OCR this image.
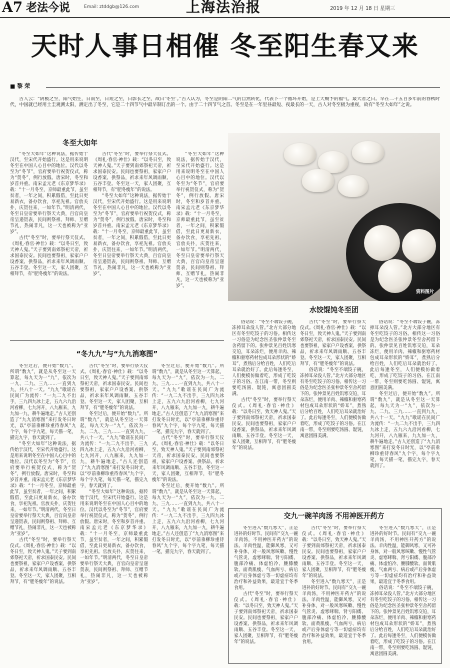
A7 老法今说	Email: ztddgb@126.com	上海法治报	2019 年 12 月 18 日 星期三
天时人事日相催 冬至阳生春又来
■ 黎 荣
古人云：“阴极之至，阳气始生，日南至，日短之至，日影长之至，故曰‘冬至’。”古人认为，冬至是阴阳二气的自然转化，代表下一个循环开始，是上天赐予的福气。最大者之日。早在二千五百多年前的春秋时代，中国就已经用土圭观测太阳，测定出了冬至，它是二十四节气中最早制订出的一个。由于二十四节气之首。冬至是在一年里昼最短、夜最长的一天，古人对冬至极为重视，故有“冬至大如年”之说。
冬至大如年

“冬至大如年”这种说法，据传始于汉代，至宋代开始盛行。这是用来说明冬至在中国人心目中的地位。汉代以冬至为“冬节”，官府要举行祝贺仪式，称为“贺冬”，例行放假。唐宋时，冬至和岁首并重。南宋孟元老《东京梦华录》载：“十一月冬至，京师最重此节，虽至贫者，一年之间，积累假借，至此日更易新衣，备办饮食，享祀先祖。官放关扑，庆贺往来，一如年节。”明清两代，冬至日皇帝要举行祭天大典，百官向皇帝呈递贺表，民间则祭祖、拜师、互赠节礼，热闹非凡，这一天也被称为“亚岁”。

古代“冬至”时，要举行祭天仪式。《周礼·春官·神仕》载：“以冬日至，致天神人鬼。”天子要到南郊祭祀天帝，祈求国泰民安。民间也要祭祖，家家户户设香案、供祭品，祈求来年风调雨顺、五谷丰登。冬至这一天，家人团聚，互相拜节，有“肥冬瘦年”的说法。

古代“冬至”时，要举行祭天仪式。《周礼·春官·神仕》载：“以冬日至，致天神人鬼。”天子要到南郊祭祀天帝，祈求国泰民安。民间也要祭祖，家家户户设香案、供祭品，祈求来年风调雨顺、五谷丰登。冬至这一天，家人团聚，互相拜节，有“肥冬瘦年”的说法。

“冬至大如年”这种说法，据传始于汉代，至宋代开始盛行。这是用来说明冬至在中国人心目中的地位。汉代以冬至为“冬节”，官府要举行祝贺仪式，称为“贺冬”，例行放假。唐宋时，冬至和岁首并重。南宋孟元老《东京梦华录》载：“十一月冬至，京师最重此节，虽至贫者，一年之间，积累假借，至此日更易新衣，备办饮食，享祀先祖。官放关扑，庆贺往来，一如年节。”明清两代，冬至日皇帝要举行祭天大典，百官向皇帝呈递贺表，民间则祭祖、拜师、互赠节礼，热闹非凡，这一天也被称为“亚岁”。

“冬至大如年”这种说法，据传始于汉代，至宋代开始盛行。这是用来说明冬至在中国人心目中的地位。汉代以冬至为“冬节”，官府要举行祝贺仪式，称为“贺冬”，例行放假。唐宋时，冬至和岁首并重。南宋孟元老《东京梦华录》载：“十一月冬至，京师最重此节，虽至贫者，一年之间，积累假借，至此日更易新衣，备办饮食，享祀先祖。官放关扑，庆贺往来，一如年节。”明清两代，冬至日皇帝要举行祭天大典，百官向皇帝呈递贺表，民间则祭祖、拜师、互赠节礼，热闹非凡，这一天也被称为“亚岁”。

资料图片
水饺馄饨冬至团
“冬九九”与“九九消寒图”

冬至过后，便开始“数九”。所谓“数九”，就是从冬至这一天算起，每九天为一“九”，依次为一九、二九、三九……一直到九九，共八十一天。“九九”歌谣在民间广为流传：“一九二九不出手，三九四九冰上走，五九六九沿河看柳，七九河开，八九雁来，九九加一九，耕牛遍地走。”古人还创造了“九九消寒图”来打发冬日时光，以“亭前垂柳珍重待春风”九个字，每个字九笔，每天描一笔，描完九字，春天就到了。

“冬至大如年”这种说法，据传始于汉代，至宋代开始盛行。这是用来说明冬至在中国人心目中的地位。汉代以冬至为“冬节”，官府要举行祝贺仪式，称为“贺冬”，例行放假。唐宋时，冬至和岁首并重。南宋孟元老《东京梦华录》载：“十一月冬至，京师最重此节，虽至贫者，一年之间，积累假借，至此日更易新衣，备办饮食，享祀先祖。官放关扑，庆贺往来，一如年节。”明清两代，冬至日皇帝要举行祭天大典，百官向皇帝呈递贺表，民间则祭祖、拜师、互赠节礼，热闹非凡，这一天也被称为“亚岁”。

古代“冬至”时，要举行祭天仪式。《周礼·春官·神仕》载：“以冬日至，致天神人鬼。”天子要到南郊祭祀天帝，祈求国泰民安。民间也要祭祖，家家户户设香案、供祭品，祈求来年风调雨顺、五谷丰登。冬至这一天，家人团聚，互相拜节，有“肥冬瘦年”的说法。

古代“冬至”时，要举行祭天仪式。《周礼·春官·神仕》载：“以冬日至，致天神人鬼。”天子要到南郊祭祀天帝，祈求国泰民安。民间也要祭祖，家家户户设香案、供祭品，祈求来年风调雨顺、五谷丰登。冬至这一天，家人团聚，互相拜节，有“肥冬瘦年”的说法。

冬至过后，便开始“数九”。所谓“数九”，就是从冬至这一天算起，每九天为一“九”，依次为一九、二九、三九……一直到九九，共八十一天。“九九”歌谣在民间广为流传：“一九二九不出手，三九四九冰上走，五九六九沿河看柳，七九河开，八九雁来，九九加一九，耕牛遍地走。”古人还创造了“九九消寒图”来打发冬日时光，以“亭前垂柳珍重待春风”九个字，每个字九笔，每天描一笔，描完九字，春天就到了。

“冬至大如年”这种说法，据传始于汉代，至宋代开始盛行。这是用来说明冬至在中国人心目中的地位。汉代以冬至为“冬节”，官府要举行祝贺仪式，称为“贺冬”，例行放假。唐宋时，冬至和岁首并重。南宋孟元老《东京梦华录》载：“十一月冬至，京师最重此节，虽至贫者，一年之间，积累假借，至此日更易新衣，备办饮食，享祀先祖。官放关扑，庆贺往来，一如年节。”明清两代，冬至日皇帝要举行祭天大典，百官向皇帝呈递贺表，民间则祭祖、拜师、互赠节礼，热闹非凡，这一天也被称为“亚岁”。

冬至过后，便开始“数九”。所谓“数九”，就是从冬至这一天算起，每九天为一“九”，依次为一九、二九、三九……一直到九九，共八十一天。“九九”歌谣在民间广为流传：“一九二九不出手，三九四九冰上走，五九六九沿河看柳，七九河开，八九雁来，九九加一九，耕牛遍地走。”古人还创造了“九九消寒图”来打发冬日时光，以“亭前垂柳珍重待春风”九个字，每个字九笔，每天描一笔，描完九字，春天就到了。

古代“冬至”时，要举行祭天仪式。《周礼·春官·神仕》载：“以冬日至，致天神人鬼。”天子要到南郊祭祀天帝，祈求国泰民安。民间也要祭祖，家家户户设香案、供祭品，祈求来年风调雨顺、五谷丰登。冬至这一天，家人团聚，互相拜节，有“肥冬瘦年”的说法。

冬至过后，便开始“数九”。所谓“数九”，就是从冬至这一天算起，每九天为一“九”，依次为一九、二九、三九……一直到九九，共八十一天。“九九”歌谣在民间广为流传：“一九二九不出手，三九四九冰上走，五九六九沿河看柳，七九河开，八九雁来，九九加一九，耕牛遍地走。”古人还创造了“九九消寒图”来打发冬日时光，以“亭前垂柳珍重待春风”九个字，每个字九笔，每天描一笔，描完九字，春天就到了。

俗话说：“冬至不端饺子碗，冻掉耳朵没人管。”北方大部分地区有冬至吃饺子的习俗。相传这一习俗是为纪念医圣张仲景冬至舍药留下的。张仲景见百姓饥寒交迫，耳朵冻烂，便用羊肉、辣椒和驱寒药材包成耳朵形状的“娇耳”，煮熟后分给百姓，人们吃后耳朵就治好了。此后每逢冬至，人们便模仿做着吃，形成了吃饺子的习俗。在江南一带，冬至则要吃汤圆、馄饨，寓意团圆美满。

古代“冬至”时，要举行祭天仪式。《周礼·春官·神仕》载：“以冬日至，致天神人鬼。”天子要到南郊祭祀天帝，祈求国泰民安。民间也要祭祖，家家户户设香案、供祭品，祈求来年风调雨顺、五谷丰登。冬至这一天，家人团聚，互相拜节，有“肥冬瘦年”的说法。

古代“冬至”时，要举行祭天仪式。《周礼·春官·神仕》载：“以冬日至，致天神人鬼。”天子要到南郊祭祀天帝，祈求国泰民安。民间也要祭祖，家家户户设香案、供祭品，祈求来年风调雨顺、五谷丰登。冬至这一天，家人团聚，互相拜节，有“肥冬瘦年”的说法。

俗话说：“冬至不端饺子碗，冻掉耳朵没人管。”北方大部分地区有冬至吃饺子的习俗。相传这一习俗是为纪念医圣张仲景冬至舍药留下的。张仲景见百姓饥寒交迫，耳朵冻烂，便用羊肉、辣椒和驱寒药材包成耳朵形状的“娇耳”，煮熟后分给百姓，人们吃后耳朵就治好了。此后每逢冬至，人们便模仿做着吃，形成了吃饺子的习俗。在江南一带，冬至则要吃汤圆、馄饨，寓意团圆美满。

俗话说：“冬至不端饺子碗，冻掉耳朵没人管。”北方大部分地区有冬至吃饺子的习俗。相传这一习俗是为纪念医圣张仲景冬至舍药留下的。张仲景见百姓饥寒交迫，耳朵冻烂，便用羊肉、辣椒和驱寒药材包成耳朵形状的“娇耳”，煮熟后分给百姓，人们吃后耳朵就治好了。此后每逢冬至，人们便模仿做着吃，形成了吃饺子的习俗。在江南一带，冬至则要吃汤圆、馄饨，寓意团圆美满。

冬至过后，便开始“数九”。所谓“数九”，就是从冬至这一天算起，每九天为一“九”，依次为一九、二九、三九……一直到九九，共八十一天。“九九”歌谣在民间广为流传：“一九二九不出手，三九四九冰上走，五九六九沿河看柳，七九河开，八九雁来，九九加一九，耕牛遍地走。”古人还创造了“九九消寒图”来打发冬日时光，以“亭前垂柳珍重待春风”九个字，每个字九笔，每天描一笔，描完九字，春天就到了。

交九一碗羊肉汤 不用神医开药方

冬至进入“数九寒天”，正是进补的好时节。民间有“交九一碗羊肉汤，不用神医开药方”的说法。羊肉性温，能御风寒，又可补身体，对一般风寒咳嗽、慢性气管炎、虚寒哮喘、肾亏阳痿、腹部冷痛、体虚怕冷、腰膝酸软、面黄肌瘦、气血两亏、病后或产后身体虚亏等一切虚症均有治疗和补益效果，最适宜于冬季食用。

古代“冬至”时，要举行祭天仪式。《周礼·春官·神仕》载：“以冬日至，致天神人鬼。”天子要到南郊祭祀天帝，祈求国泰民安。民间也要祭祖，家家户户设香案、供祭品，祈求来年风调雨顺、五谷丰登。冬至这一天，家人团聚，互相拜节，有“肥冬瘦年”的说法。

古代“冬至”时，要举行祭天仪式。《周礼·春官·神仕》载：“以冬日至，致天神人鬼。”天子要到南郊祭祀天帝，祈求国泰民安。民间也要祭祖，家家户户设香案、供祭品，祈求来年风调雨顺、五谷丰登。冬至这一天，家人团聚，互相拜节，有“肥冬瘦年”的说法。

冬至进入“数九寒天”，正是进补的好时节。民间有“交九一碗羊肉汤，不用神医开药方”的说法。羊肉性温，能御风寒，又可补身体，对一般风寒咳嗽、慢性气管炎、虚寒哮喘、肾亏阳痿、腹部冷痛、体虚怕冷、腰膝酸软、面黄肌瘦、气血两亏、病后或产后身体虚亏等一切虚症均有治疗和补益效果，最适宜于冬季食用。

冬至进入“数九寒天”，正是进补的好时节。民间有“交九一碗羊肉汤，不用神医开药方”的说法。羊肉性温，能御风寒，又可补身体，对一般风寒咳嗽、慢性气管炎、虚寒哮喘、肾亏阳痿、腹部冷痛、体虚怕冷、腰膝酸软、面黄肌瘦、气血两亏、病后或产后身体虚亏等一切虚症均有治疗和补益效果，最适宜于冬季食用。

俗话说：“冬至不端饺子碗，冻掉耳朵没人管。”北方大部分地区有冬至吃饺子的习俗。相传这一习俗是为纪念医圣张仲景冬至舍药留下的。张仲景见百姓饥寒交迫，耳朵冻烂，便用羊肉、辣椒和驱寒药材包成耳朵形状的“娇耳”，煮熟后分给百姓，人们吃后耳朵就治好了。此后每逢冬至，人们便模仿做着吃，形成了吃饺子的习俗。在江南一带，冬至则要吃汤圆、馄饨，寓意团圆美满。
